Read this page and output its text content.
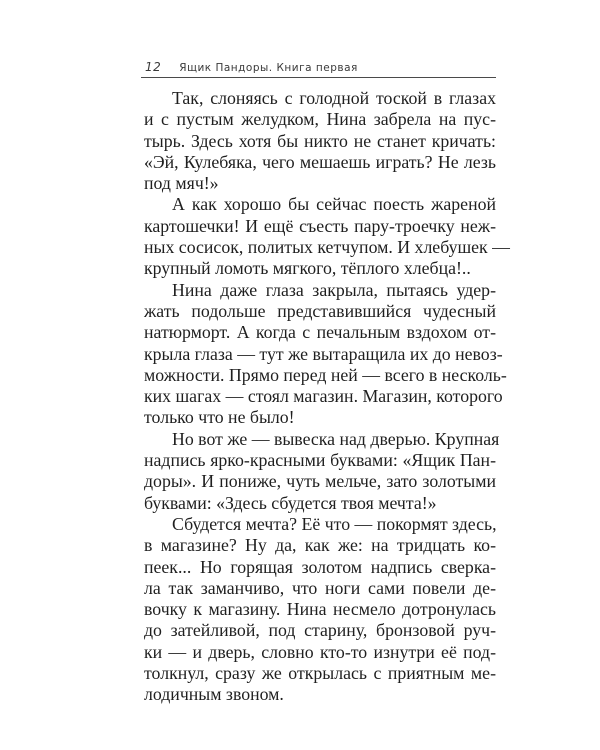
12 Ящик Пандоры. Книга первая
Так, слоняясь с голодной тоской в глазах
и с пустым желудком, Нина забрела на пус-
тырь. Здесь хотя бы никто не станет кричать:
«Эй, Кулебяка, чего мешаешь играть? Не лезь
под мяч!»
А как хорошо бы сейчас поесть жареной
картошечки! И ещё съесть пару-троечку неж-
ных сосисок, политых кетчупом. И хлебушек —
крупный ломоть мягкого, тёплого хлебца!..
Нина даже глаза закрыла, пытаясь удер-
жать подольше представившийся чудесный
натюрморт. А когда с печальным вздохом от-
крыла глаза — тут же вытаращила их до невоз-
можности. Прямо перед ней — всего в несколь-
ких шагах — стоял магазин. Магазин, которого
только что не было!
Но вот же — вывеска над дверью. Крупная
надпись ярко-красными буквами: «Ящик Пан-
доры». И пониже, чуть мельче, зато золотыми
буквами: «Здесь сбудется твоя мечта!»
Сбудется мечта? Её что — покормят здесь,
в магазине? Ну да, как же: на тридцать ко-
пеек... Но горящая золотом надпись сверка-
ла так заманчиво, что ноги сами повели де-
вочку к магазину. Нина несмело дотронулась
до затейливой, под старину, бронзовой руч-
ки — и дверь, словно кто-то изнутри её под-
толкнул, сразу же открылась с приятным ме-
лодичным звоном.
